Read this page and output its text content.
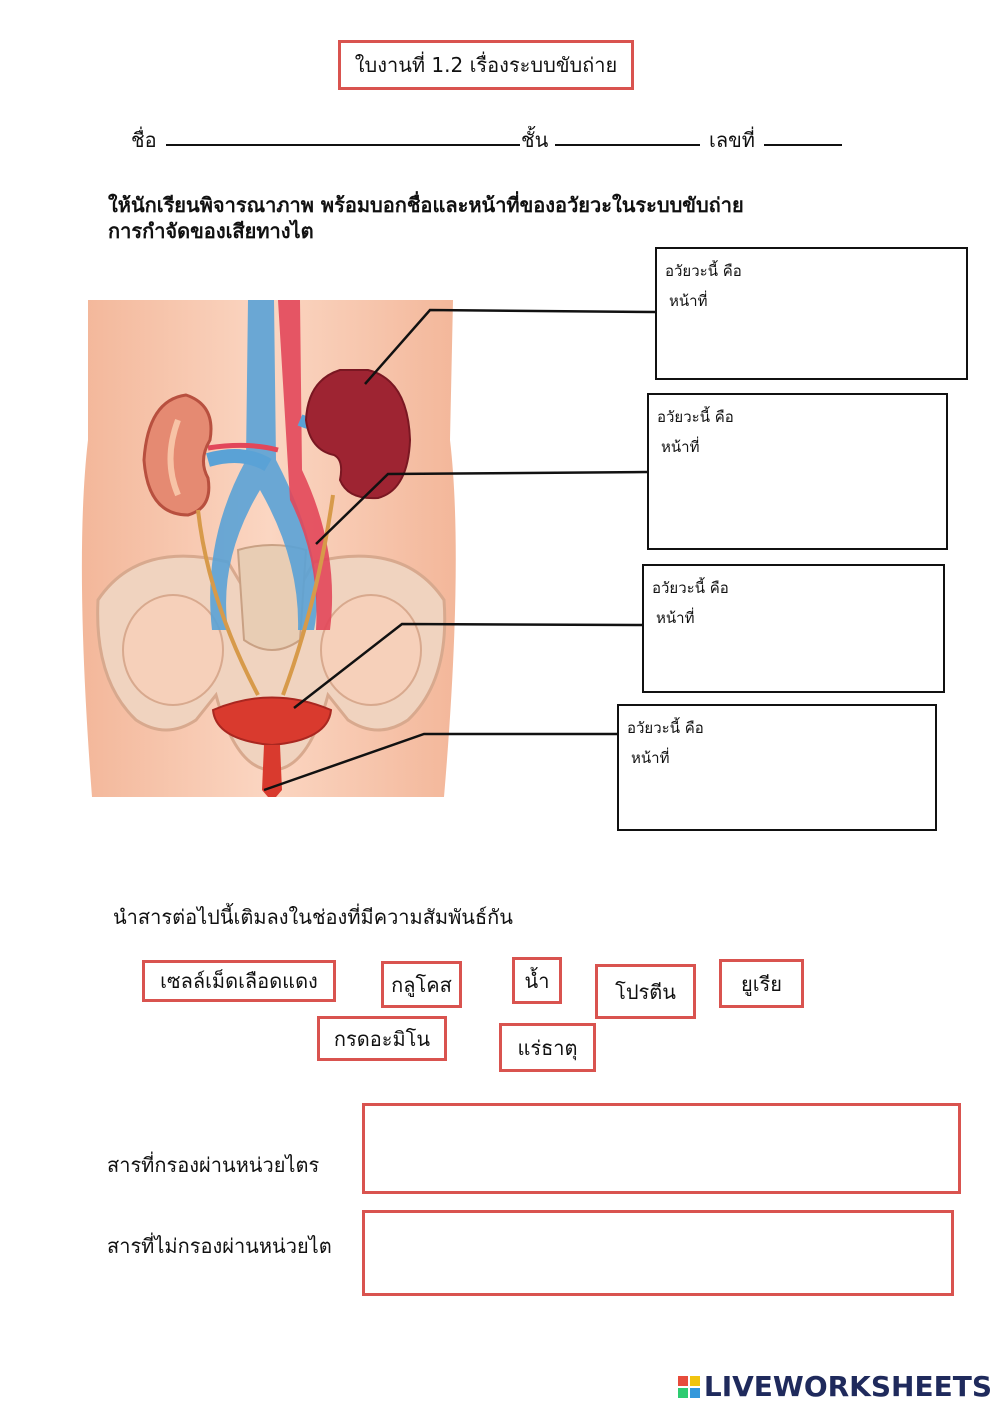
ใบงานที่ 1.2 เรื่องระบบขับถ่าย
ชื่อ	ชั้น	เลขที่
ให้นักเรียนพิจารณาภาพ พร้อมบอกชื่อและหน้าที่ของอวัยวะในระบบขับถ่าย
การกำจัดของเสียทางไต
อวัยวะนี้ คือ
หน้าที่
อวัยวะนี้ คือ
หน้าที่
อวัยวะนี้ คือ
หน้าที่
อวัยวะนี้ คือ
หน้าที่
นำสารต่อไปนี้เติมลงในช่องที่มีความสัมพันธ์กัน
เซลล์เม็ดเลือดแดง	กลูโคส	น้ำ	โปรตีน	ยูเรีย
กรดอะมิโน	แร่ธาตุ
สารที่กรองผ่านหน่วยไตร
สารที่ไม่กรองผ่านหน่วยไต
LIVEWORKSHEETS
